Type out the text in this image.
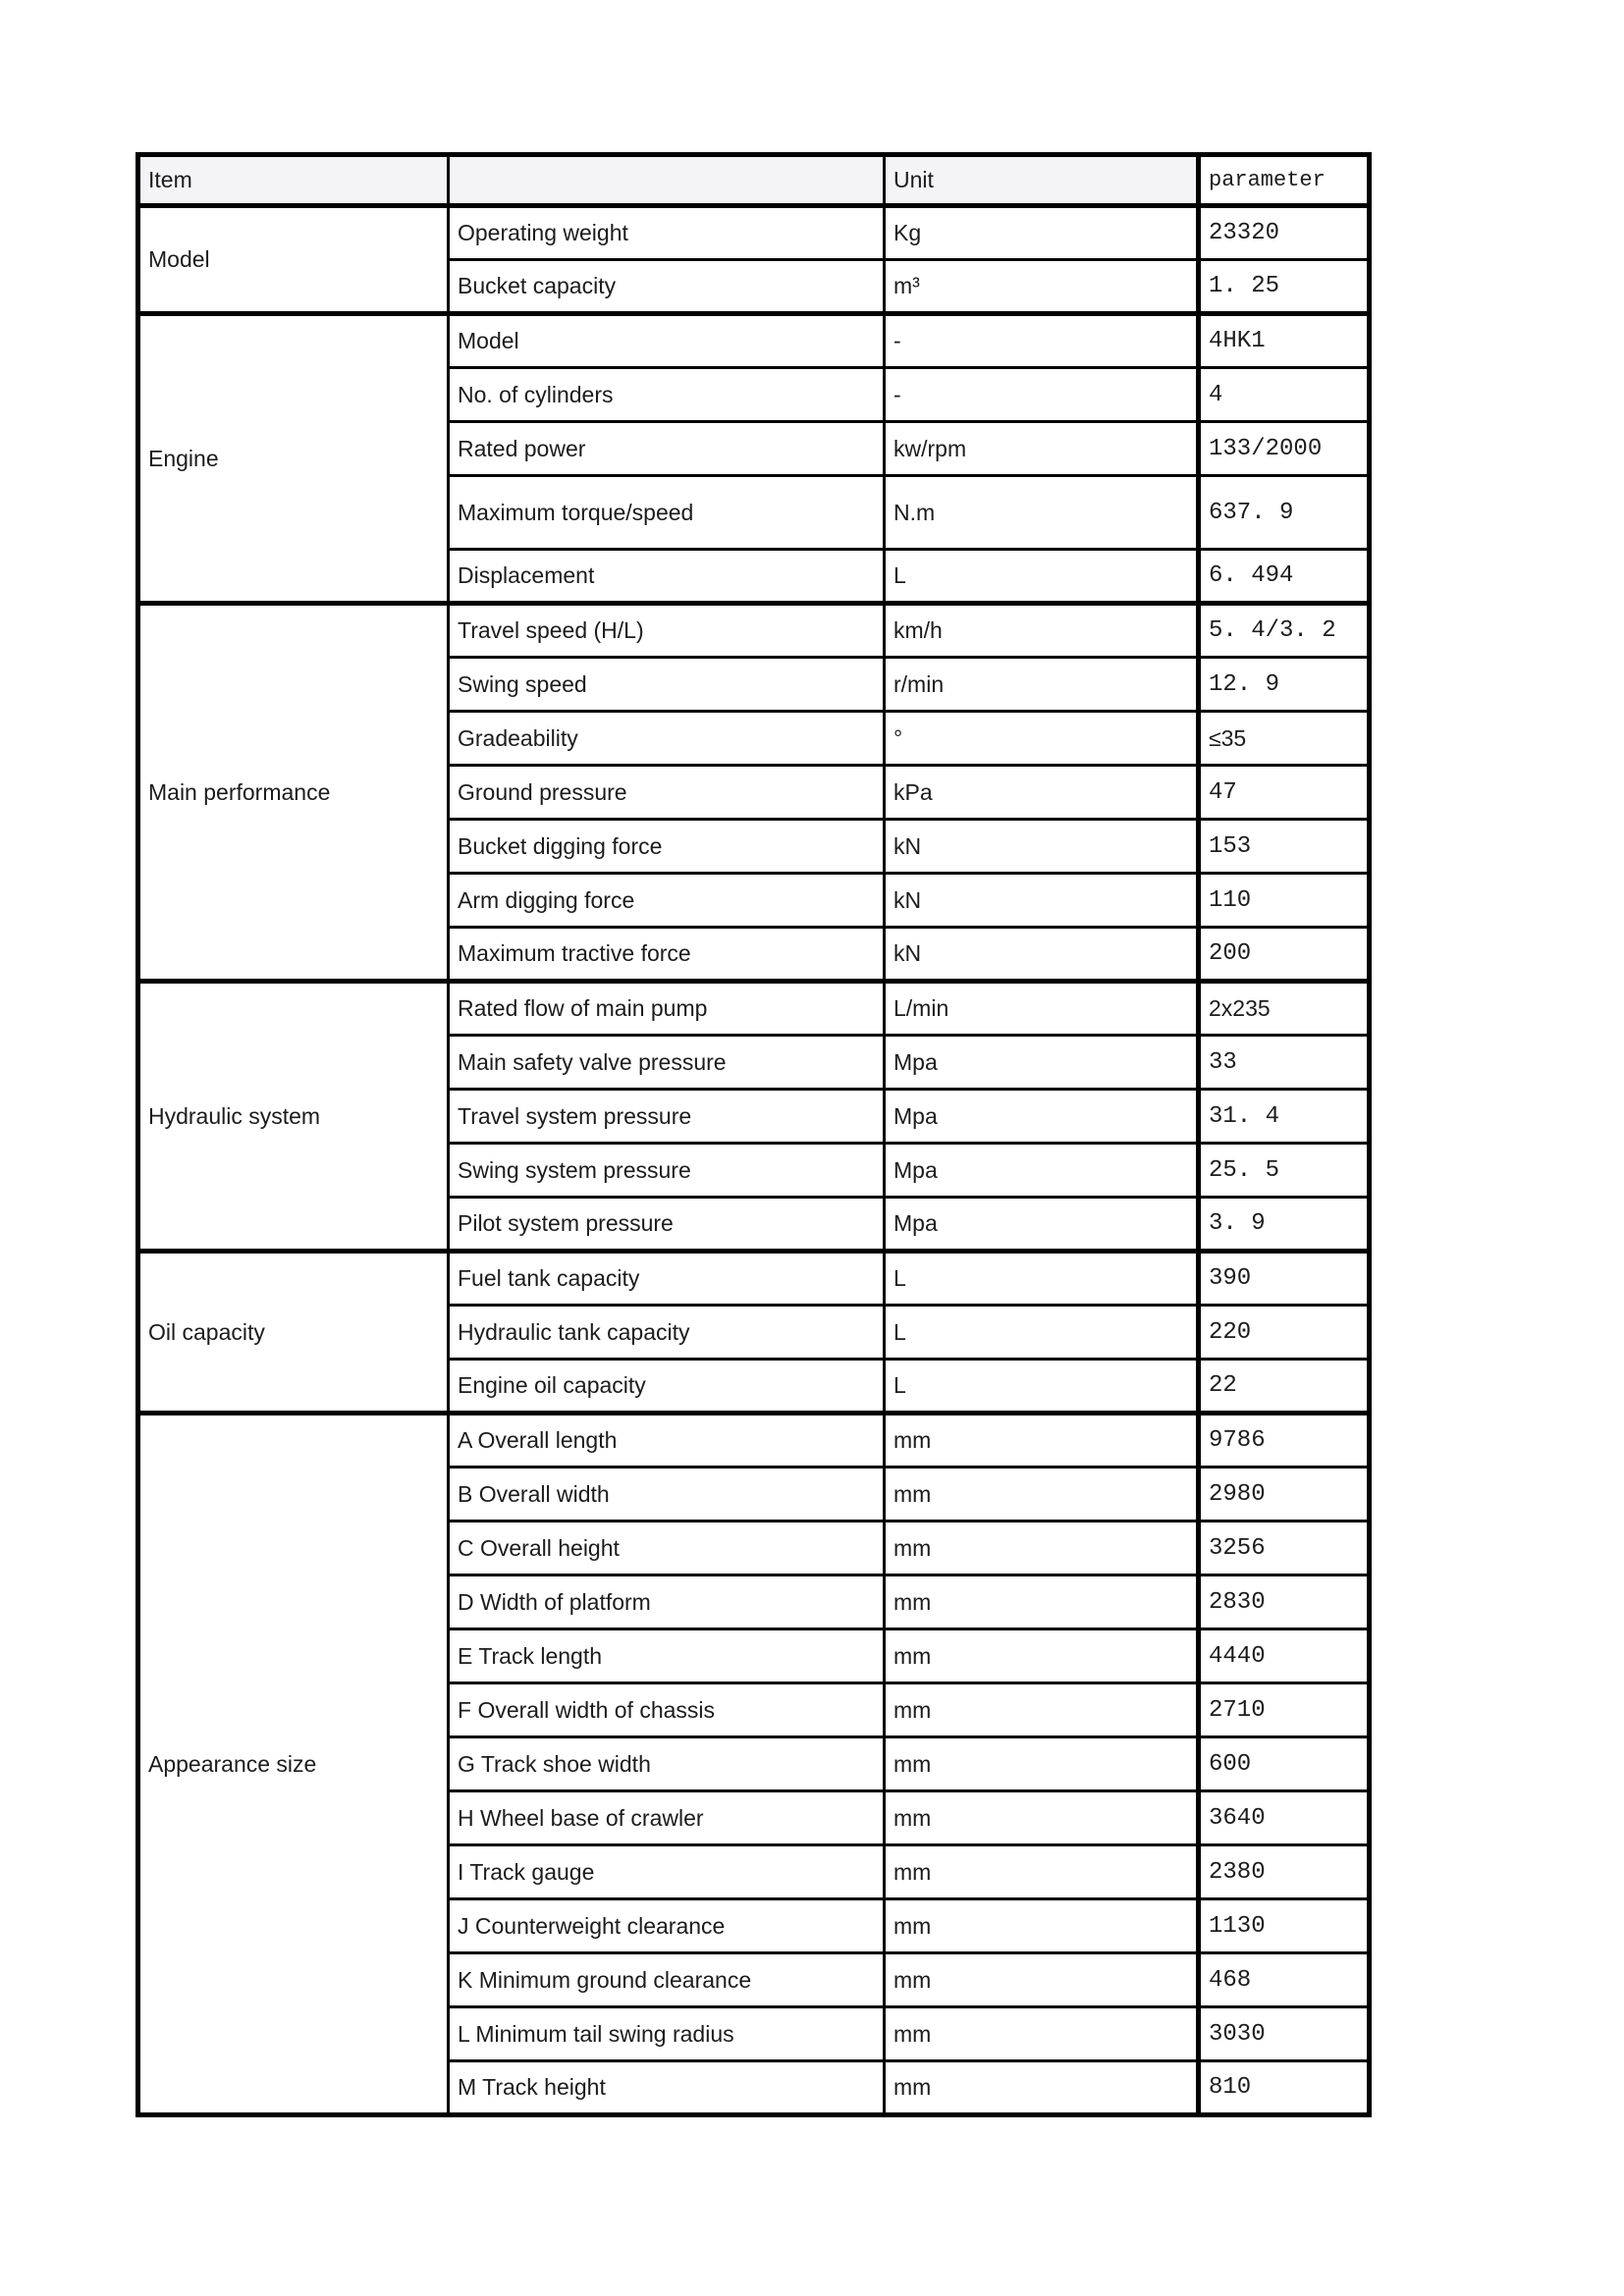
Item		Unit	parameter
Model	Operating weight	Kg	23320
	Bucket capacity	m³	1. 25
Engine	Model	-	4HK1
	No. of cylinders	-	4
	Rated power	kw/rpm	133/2000
	Maximum torque/speed	N.m	637. 9
	Displacement	L	6. 494
Main performance	Travel speed (H/L)	km/h	5. 4/3. 2
	Swing speed	r/min	12. 9
	Gradeability	°	≤35
	Ground pressure	kPa	47
	Bucket digging force	kN	153
	Arm digging force	kN	110
	Maximum tractive force	kN	200
Hydraulic system	Rated flow of main pump	L/min	2x235
	Main safety valve pressure	Mpa	33
	Travel system pressure	Mpa	31. 4
	Swing system pressure	Mpa	25. 5
	Pilot system pressure	Mpa	3. 9
Oil capacity	Fuel tank capacity	L	390
	Hydraulic tank capacity	L	220
	Engine oil capacity	L	22
Appearance size	A Overall length	mm	9786
	B Overall width	mm	2980
	C Overall height	mm	3256
	D Width of platform	mm	2830
	E Track length	mm	4440
	F Overall width of chassis	mm	2710
	G Track shoe width	mm	600
	H Wheel base of crawler	mm	3640
	I Track gauge	mm	2380
	J Counterweight clearance	mm	1130
	K Minimum ground clearance	mm	468
	L Minimum tail swing radius	mm	3030
	M Track height	mm	810
